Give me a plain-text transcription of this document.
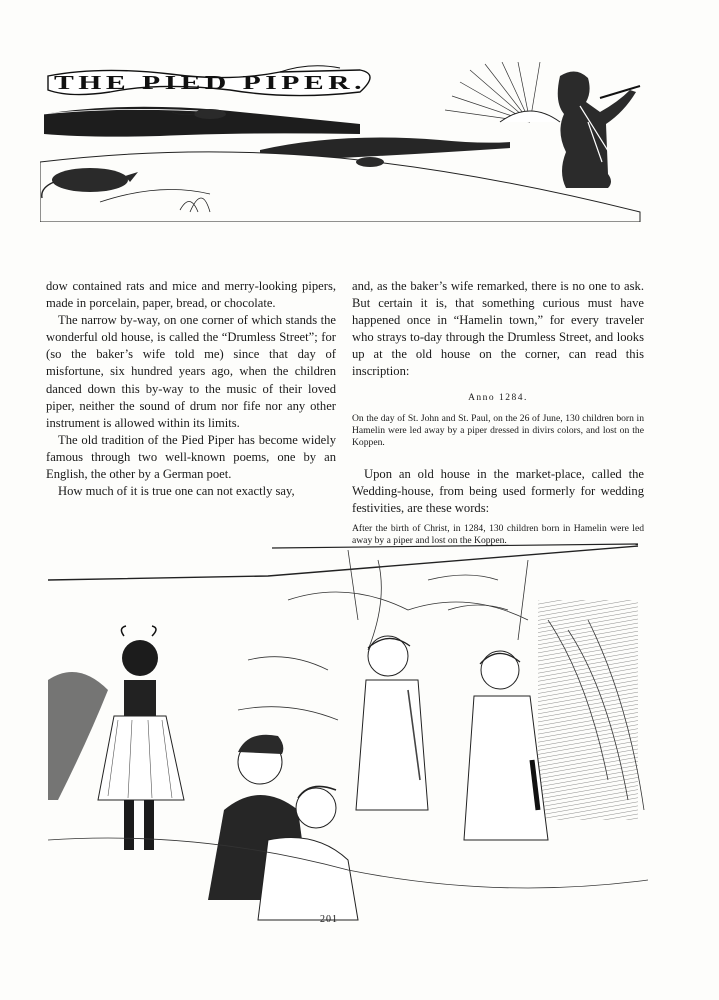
THE PIED PIPER.

dow contained rats and mice and merry-looking pipers, made in porcelain, paper, bread, or chocolate.

The narrow by-way, on one corner of which stands the wonderful old house, is called the “Drumless Street”; for (so the baker’s wife told me) since that day of misfortune, six hundred years ago, when the children danced down this by-way to the music of their loved piper, neither the sound of drum nor fife nor any other instrument is allowed within its limits.

The old tradition of the Pied Piper has become widely famous through two well-known poems, one by an English, the other by a German poet.

How much of it is true one can not exactly say,

and, as the baker’s wife remarked, there is no one to ask. But certain it is, that something curious must have happened once in “Hamelin town,” for every traveler who strays to-day through the Drumless Street, and looks up at the old house on the corner, can read this inscription:

Anno 1284.

On the day of St. John and St. Paul, on the 26 of June, 130 children born in Hamelin were led away by a piper dressed in divirs colors, and lost on the Koppen.

Upon an old house in the market-place, called the Wedding-house, from being used formerly for wedding festivities, are these words:

After the birth of Christ, in 1284, 130 children born in Hamelin were led away by a piper and lost on the Koppen.

201
